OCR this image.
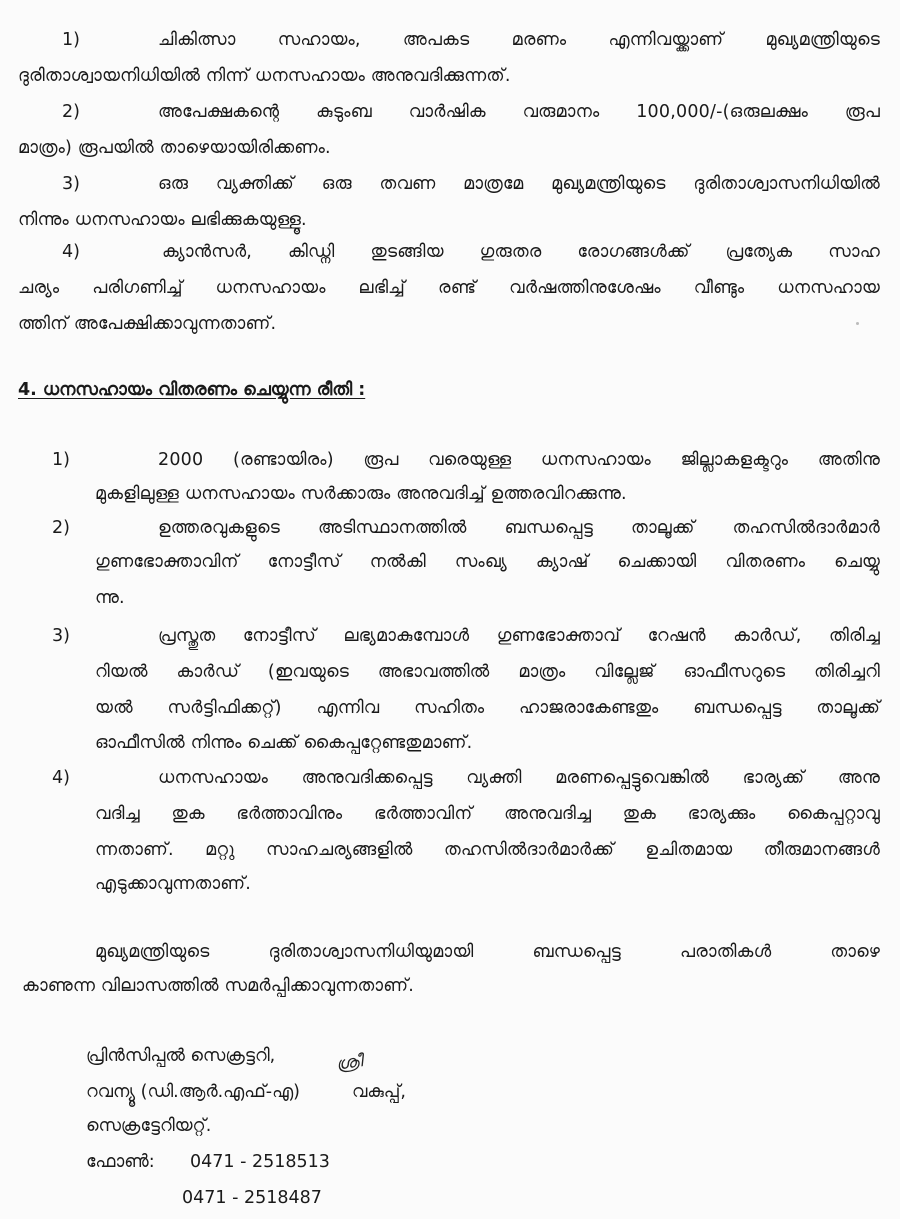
1)	ചികിത്സാ സഹായം, അപകട മരണം എന്നിവയ്ക്കാണ് മുഖ്യമന്ത്രിയുടെ
ദുരിതാശ്വായനിധിയിൽ നിന്ന് ധനസഹായം അനുവദിക്കുന്നത്.
2)	അപേക്ഷകന്റെ കുടുംബ വാർഷിക വരുമാനം 100,000/-(ഒരുലക്ഷം രൂപ
മാത്രം) രൂപയിൽ താഴെയായിരിക്കണം.
3)	ഒരു വ്യക്തിക്ക് ഒരു തവണ മാത്രമേ മുഖ്യമന്ത്രിയുടെ ദുരിതാശ്വാസനിധിയിൽ
നിന്നും ധനസഹായം ലഭിക്കുകയുള്ളൂ.
4)	ക്യാൻസർ, കിഡ്നി തുടങ്ങിയ ഗുരുതര രോഗങ്ങൾക്ക് പ്രത്യേക സാഹ
ചര്യം പരിഗണിച്ച് ധനസഹായം ലഭിച്ച് രണ്ട് വർഷത്തിനുശേഷം വീണ്ടും ധനസഹായ
ത്തിന് അപേക്ഷിക്കാവുന്നതാണ്.
4. ധനസഹായം വിതരണം ചെയ്യുന്ന രീതി :
1)	2000 (രണ്ടായിരം) രൂപ വരെയുള്ള ധനസഹായം ജില്ലാകളക്ടറും അതിനു
മുകളിലുള്ള ധനസഹായം സർക്കാരും അനുവദിച്ച് ഉത്തരവിറക്കുന്നു.
2)	ഉത്തരവുകളുടെ അടിസ്ഥാനത്തിൽ ബന്ധപ്പെട്ട താലൂക്ക് തഹസിൽദാർമാർ
ഗുണഭോക്താവിന് നോട്ടീസ് നൽകി സംഖ്യ ക്യാഷ് ചെക്കായി വിതരണം ചെയ്യു
ന്നു.
3)	പ്രസ്തുത നോട്ടീസ് ലഭ്യമാകുമ്പോൾ ഗുണഭോക്താവ് റേഷൻ കാർഡ്, തിരിച്ച
റിയൽ കാർഡ് (ഇവയുടെ അഭാവത്തിൽ മാത്രം വില്ലേജ് ഓഫീസറുടെ തിരിച്ചറി
യൽ സർട്ടിഫിക്കറ്റ്) എന്നിവ സഹിതം ഹാജരാകേണ്ടതും ബന്ധപ്പെട്ട താലൂക്ക്
ഓഫീസിൽ നിന്നും ചെക്ക് കൈപ്പറ്റേണ്ടതുമാണ്.
4)	ധനസഹായം അനുവദിക്കപ്പെട്ട വ്യക്തി മരണപ്പെട്ടുവെങ്കിൽ ഭാര്യക്ക് അനു
വദിച്ച തുക ഭർത്താവിനും ഭർത്താവിന് അനുവദിച്ച തുക ഭാര്യക്കും കൈപ്പറ്റാവു
ന്നതാണ്. മറ്റു സാഹചര്യങ്ങളിൽ തഹസിൽദാർമാർക്ക് ഉചിതമായ തീരുമാനങ്ങൾ
എടുക്കാവുന്നതാണ്.
മുഖ്യമന്ത്രിയുടെ ദുരിതാശ്വാസനിധിയുമായി ബന്ധപ്പെട്ട പരാതികൾ താഴെ
കാണുന്ന വിലാസത്തിൽ സമർപ്പിക്കാവുന്നതാണ്.
പ്രിൻസിപ്പൽ സെക്രട്ടറി,
റവന്യൂ (ഡി.ആർ.എഫ്-എ)	വകുപ്പ്,
ശ്രീ
സെക്രട്ടേറിയറ്റ്.
ഫോൺ: 0471 - 2518513
0471 - 2518487
